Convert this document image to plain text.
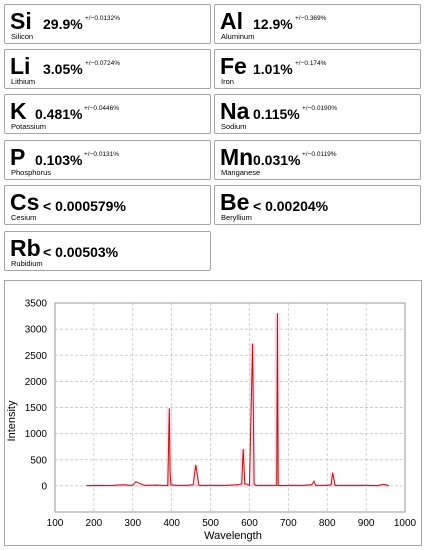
Si
Silicon
29.9% +/−0.0132%	Al
Aluminum
12.9% +/−0.369%
Li
Lithium
3.05% +/−0.0724%	Fe
Iron
1.01% +/−0.174%
K
Potassium
0.481% +/−0.0446%	Na
Sodium
0.115% +/−0.0190%
P
Phosphorus
0.103% +/−0.0131%	Mn
Manganese
0.031% +/−0.0119%
Cs
Cesium
< 0.000579%	Be
Beryllium
< 0.00204%
Rb
Rubidium
< 0.00503%
100 200 300 400 500 600 700 800 900 1000
0
500
1000
1500
2000
2500
3000
3500
Wavelength
Intensity
